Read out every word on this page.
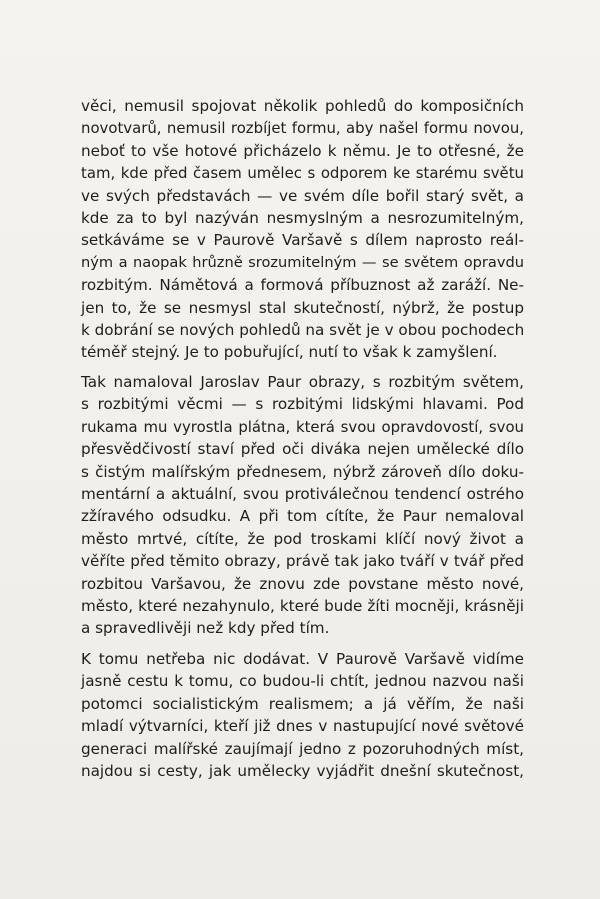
věci, nemusil spojovat několik pohledů do komposičních
novotvarů, nemusil rozbíjet formu, aby našel formu novou,
neboť to vše hotové přicházelo k němu. Je to otřesné, že
tam, kde před časem umělec s odporem ke starému světu
ve svých představách — ve svém díle bořil starý svět, a
kde za to byl nazýván nesmyslným a nesrozumitelným,
setkáváme se v Paurově Varšavě s dílem naprosto reál-
ným a naopak hrůzně srozumitelným — se světem opravdu
rozbitým. Námětová a formová příbuznost až zaráží. Ne-
jen to, že se nesmysl stal skutečností, nýbrž, že postup
k dobrání se nových pohledů na svět je v obou pochodech
téměř stejný. Je to pobuřující, nutí to však k zamyšlení.
Tak namaloval Jaroslav Paur obrazy, s rozbitým světem,
s rozbitými věcmi — s rozbitými lidskými hlavami. Pod
rukama mu vyrostla plátna, která svou opravdovostí, svou
přesvědčivostí staví před oči diváka nejen umělecké dílo
s čistým malířským přednesem, nýbrž zároveň dílo doku-
mentární a aktuální, svou protiválečnou tendencí ostrého
zžíravého odsudku. A při tom cítíte, že Paur nemaloval
město mrtvé, cítíte, že pod troskami klíčí nový život a
věříte před těmito obrazy, právě tak jako tváří v tvář před
rozbitou Varšavou, že znovu zde povstane město nové,
město, které nezahynulo, které bude žíti mocněji, krásněji
a spravedlivěji než kdy před tím.
K tomu netřeba nic dodávat. V Paurově Varšavě vidíme
jasně cestu k tomu, co budou-li chtít, jednou nazvou naši
potomci socialistickým realismem; a já věřím, že naši
mladí výtvarníci, kteří již dnes v nastupující nové světové
generaci malířské zaujímají jedno z pozoruhodných míst,
najdou si cesty, jak umělecky vyjádřit dnešní skutečnost,
